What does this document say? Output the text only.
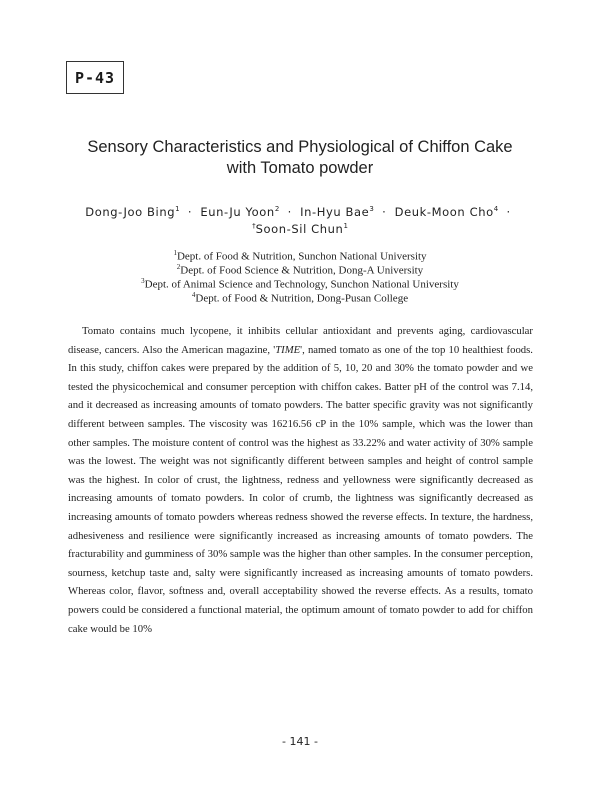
P-43
Sensory Characteristics and Physiological of Chiffon Cake
with Tomato powder
Dong-Joo Bing$^1$ · Eun-Ju Yoon$^2$ · In-Hyu Bae$^3$ · Deuk-Moon Cho$^4$ ·
†Soon-Sil Chun$^1$
$^1$Dept. of Food & Nutrition, Sunchon National University
$^2$Dept. of Food Science & Nutrition, Dong-A University
$^3$Dept. of Animal Science and Technology, Sunchon National University
$^4$Dept. of Food & Nutrition, Dong-Pusan College
Tomato contains much lycopene, it inhibits cellular antioxidant and prevents aging, cardiovascular disease, cancers. Also the American magazine, 'TIME', named tomato as one of the top 10 healthiest foods. In this study, chiffon cakes were prepared by the addition of 5, 10, 20 and 30% the tomato powder and we tested the physicochemical and consumer perception with chiffon cakes. Batter pH of the control was 7.14, and it decreased as increasing amounts of tomato powders. The batter specific gravity was not significantly different between samples. The viscosity was 16216.56 cP in the 10% sample, which was the lower than other samples. The moisture content of control was the highest as 33.22% and water activity of 30% sample was the lowest. The weight was not significantly different between samples and height of control sample was the highest. In color of crust, the lightness, redness and yellowness were significantly decreased as increasing amounts of tomato powders. In color of crumb, the lightness was significantly decreased as increasing amounts of tomato powders whereas redness showed the reverse effects. In texture, the hardness, adhesiveness and resilience were significantly increased as increasing amounts of tomato powders. The fracturability and gumminess of 30% sample was the higher than other samples. In the consumer perception, sourness, ketchup taste and, salty were significantly increased as increasing amounts of tomato powders. Whereas color, flavor, softness and, overall acceptability showed the reverse effects. As a results, tomato powers could be considered a functional material, the optimum amount of tomato powder to add for chiffon cake would be 10%
- 141 -
